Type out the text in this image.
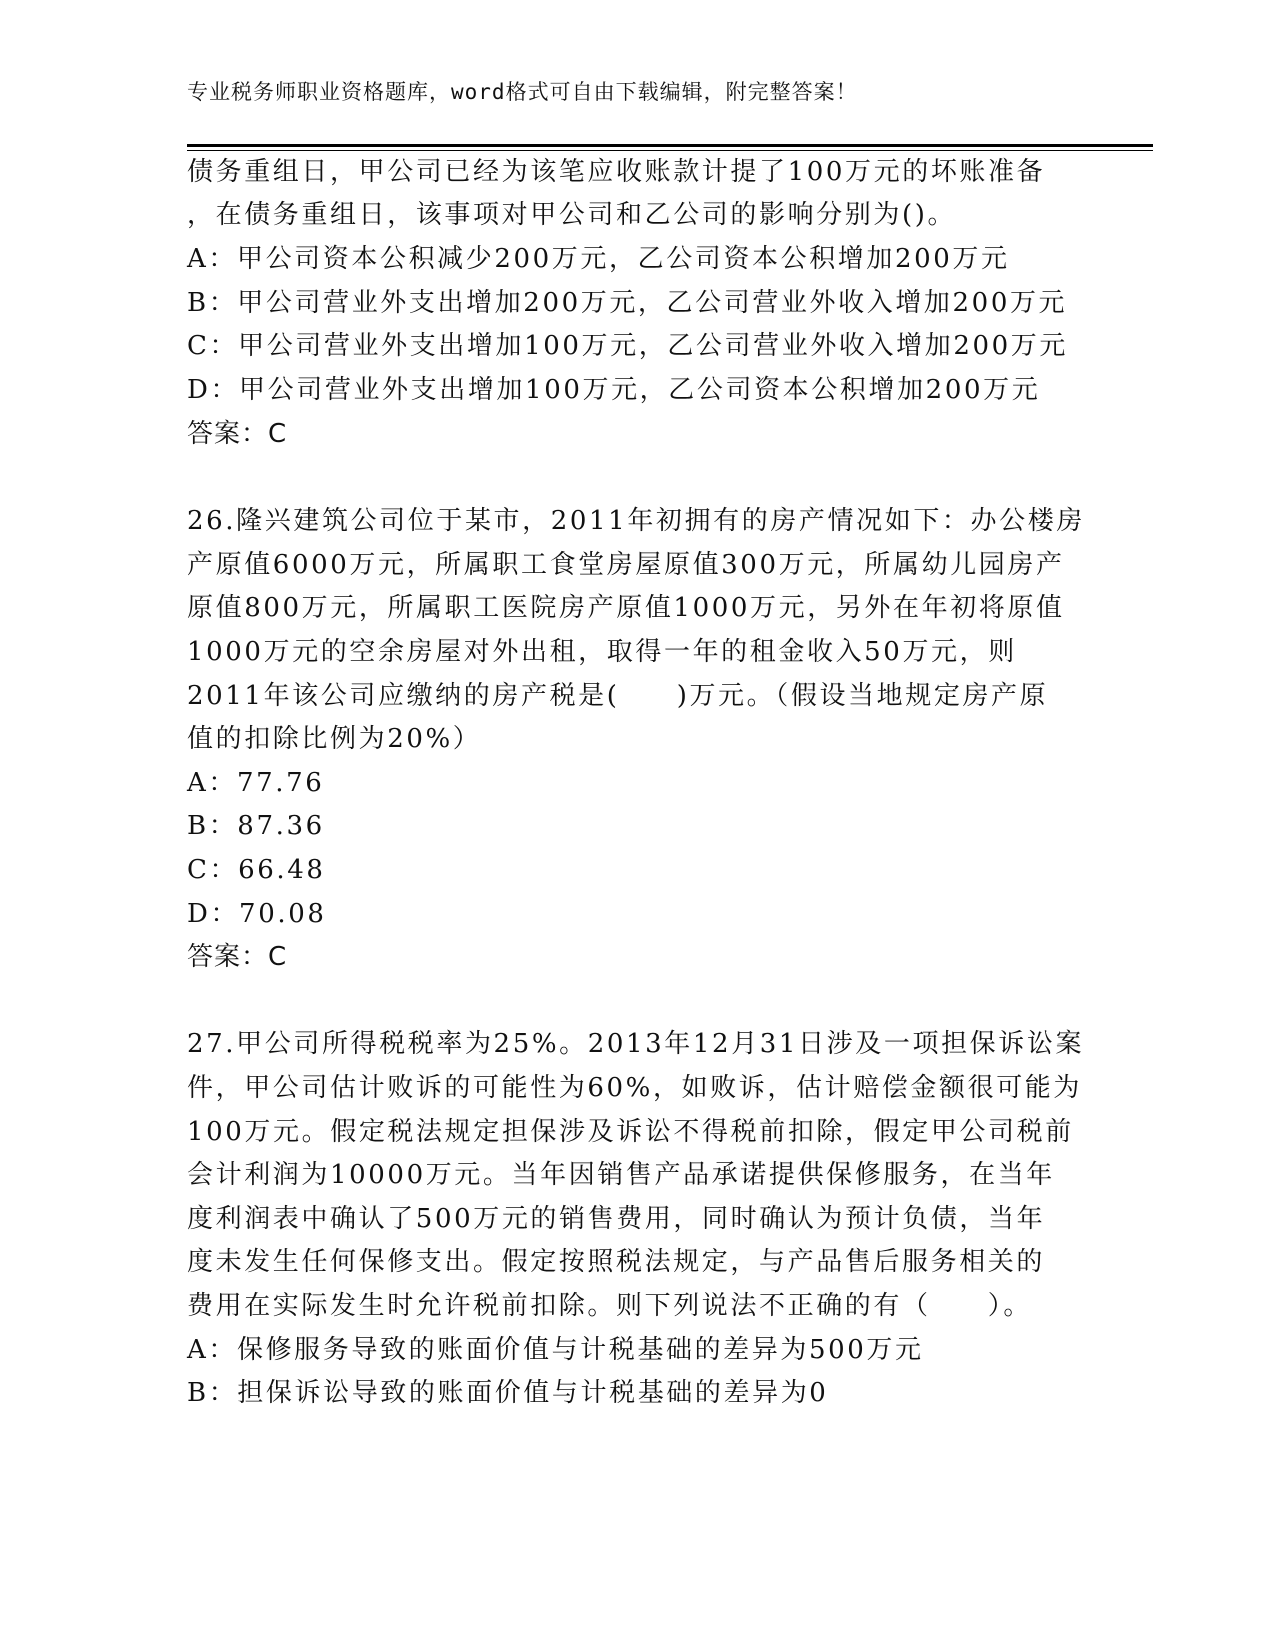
专业税务师职业资格题库，word格式可自由下载编辑，附完整答案！
债务重组日，甲公司已经为该笔应收账款计提了100万元的坏账准备
，在债务重组日，该事项对甲公司和乙公司的影响分别为()。
A：甲公司资本公积减少200万元，乙公司资本公积增加200万元
B：甲公司营业外支出增加200万元，乙公司营业外收入增加200万元
C：甲公司营业外支出增加100万元，乙公司营业外收入增加200万元
D：甲公司营业外支出增加100万元，乙公司资本公积增加200万元
答案：C
26.隆兴建筑公司位于某市，2011年初拥有的房产情况如下：办公楼房
产原值6000万元，所属职工食堂房屋原值300万元，所属幼儿园房产
原值800万元，所属职工医院房产原值1000万元，另外在年初将原值
1000万元的空余房屋对外出租，取得一年的租金收入50万元，则
2011年该公司应缴纳的房产税是(　　)万元。（假设当地规定房产原
值的扣除比例为20%）
A：77.76
B：87.36
C：66.48
D：70.08
答案：C
27.甲公司所得税税率为25%。2013年12月31日涉及一项担保诉讼案
件，甲公司估计败诉的可能性为60%，如败诉，估计赔偿金额很可能为
100万元。假定税法规定担保涉及诉讼不得税前扣除，假定甲公司税前
会计利润为10000万元。当年因销售产品承诺提供保修服务，在当年
度利润表中确认了500万元的销售费用，同时确认为预计负债，当年
度未发生任何保修支出。假定按照税法规定，与产品售后服务相关的
费用在实际发生时允许税前扣除。则下列说法不正确的有（　　）。
A：保修服务导致的账面价值与计税基础的差异为500万元
B：担保诉讼导致的账面价值与计税基础的差异为0
